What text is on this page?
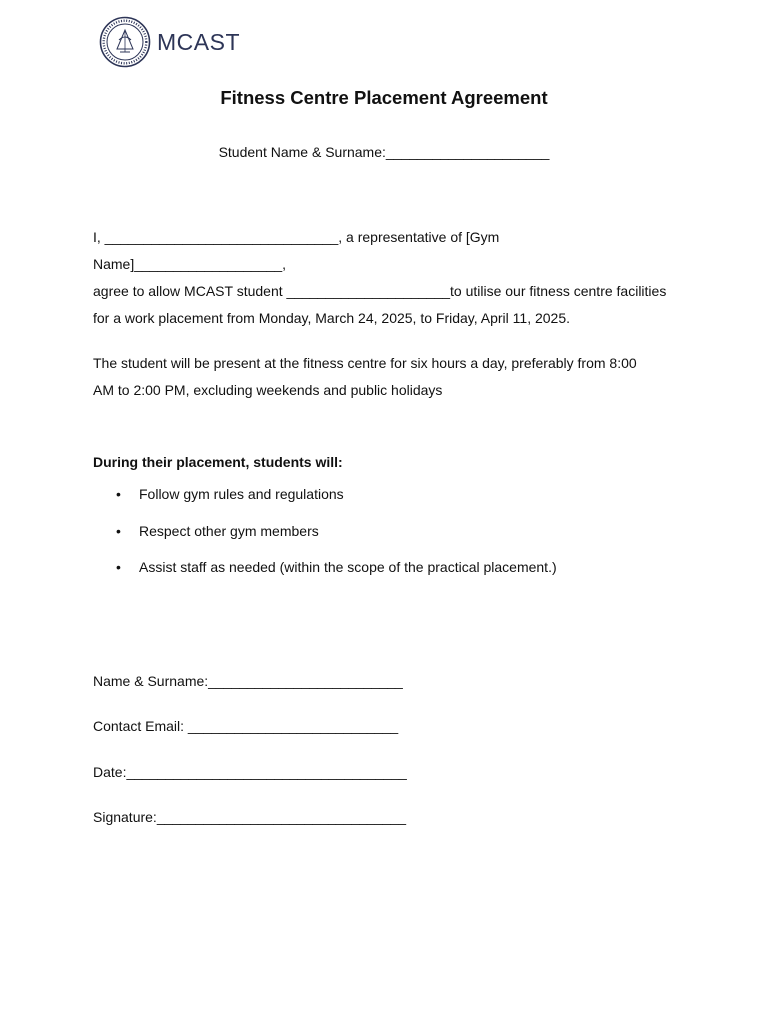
MCAST
Fitness Centre Placement Agreement
Student Name & Surname:_____________________
I, ______________________________, a representative of [Gym Name]___________________,
agree to allow MCAST student _____________________to utilise our fitness centre facilities
for a work placement from Monday, March 24, 2025, to Friday, April 11, 2025.
The student will be present at the fitness centre for six hours a day, preferably from 8:00
AM to 2:00 PM, excluding weekends and public holidays
During their placement, students will:
• Follow gym rules and regulations
• Respect other gym members
• Assist staff as needed (within the scope of the practical placement.)
Name & Surname:_________________________
Contact Email: ___________________________
Date:____________________________________
Signature:________________________________
